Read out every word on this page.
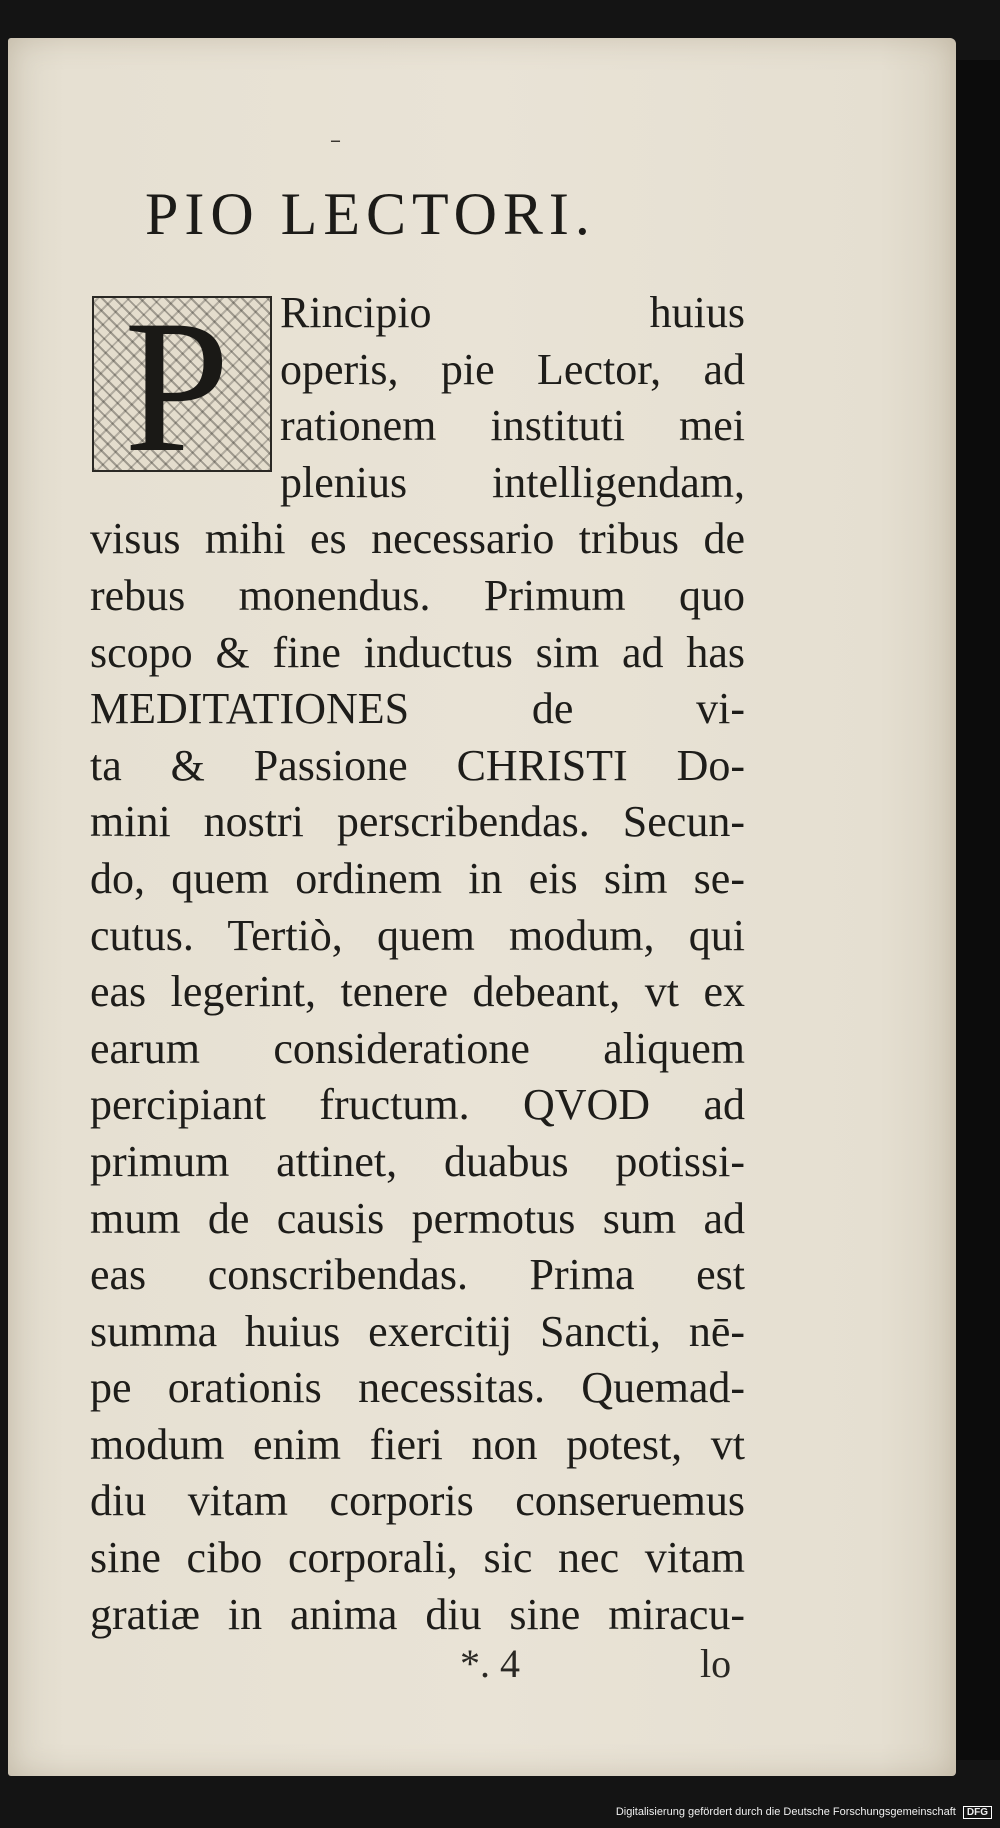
–
PIO LECTORI.
P	Rincipio huius
operis, pie Lector, ad
rationem instituti mei
plenius intelligendam,
visus mihi es necessario tribus de
rebus monendus. Primum quo
scopo & fine inductus sim ad has
MEDITATIONES de vi-
ta & Passione CHRISTI Do-
mini nostri perscribendas. Secun-
do, quem ordinem in eis sim se-
cutus. Tertiò, quem modum, qui
eas legerint, tenere debeant, vt ex
earum consideratione aliquem
percipiant fructum. QVOD ad
primum attinet, duabus potissi-
mum de causis permotus sum ad
eas conscribendas. Prima est
summa huius exercitij Sancti, nē-
pe orationis necessitas. Quemad-
modum enim fieri non potest, vt
diu vitam corporis conseruemus
sine cibo corporali, sic nec vitam
gratiæ in anima diu sine miracu-
*. 4	lo
Digitalisierung gefördert durch die Deutsche Forschungsgemeinschaft DFG
